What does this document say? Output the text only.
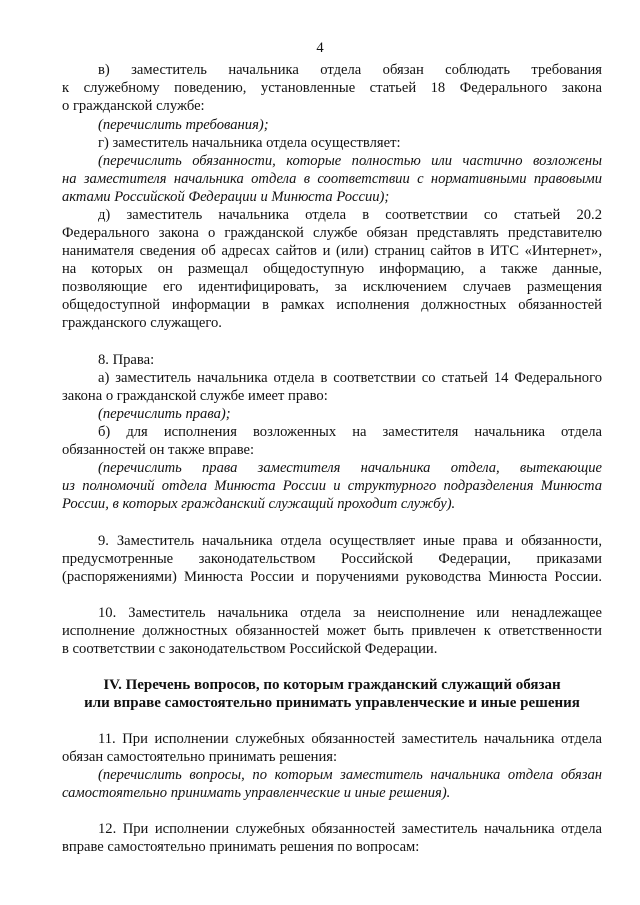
4
в) заместитель начальника отдела обязан соблюдать требования
к служебному поведению, установленные статьей 18 Федерального закона
о гражданской службе:
(перечислить требования);
г) заместитель начальника отдела осуществляет:
(перечислить обязанности, которые полностью или частично возложены
на заместителя начальника отдела в соответствии с нормативными правовыми
актами Российской Федерации и Минюста России);
д) заместитель начальника отдела в соответствии со статьей 20.2
Федерального закона о гражданской службе обязан представлять представителю
нанимателя сведения об адресах сайтов и (или) страниц сайтов в ИТС «Интернет»,
на которых он размещал общедоступную информацию, а также данные,
позволяющие его идентифицировать, за исключением случаев размещения
общедоступной информации в рамках исполнения должностных обязанностей
гражданского служащего.
8. Права:
а) заместитель начальника отдела в соответствии со статьей 14 Федерального
закона о гражданской службе имеет право:
(перечислить права);
б) для исполнения возложенных на заместителя начальника отдела
обязанностей он также вправе:
(перечислить права заместителя начальника отдела, вытекающие
из полномочий отдела Минюста России и структурного подразделения Минюста
России, в которых гражданский служащий проходит службу).
9. Заместитель начальника отдела осуществляет иные права и обязанности,
предусмотренные законодательством Российской Федерации, приказами
(распоряжениями) Минюста России и поручениями руководства Минюста России.
10. Заместитель начальника отдела за неисполнение или ненадлежащее
исполнение должностных обязанностей может быть привлечен к ответственности
в соответствии с законодательством Российской Федерации.
IV. Перечень вопросов, по которым гражданский служащий обязан
или вправе самостоятельно принимать управленческие и иные решения
11. При исполнении служебных обязанностей заместитель начальника отдела
обязан самостоятельно принимать решения:
(перечислить вопросы, по которым заместитель начальника отдела обязан
самостоятельно принимать управленческие и иные решения).
12. При исполнении служебных обязанностей заместитель начальника отдела
вправе самостоятельно принимать решения по вопросам:
